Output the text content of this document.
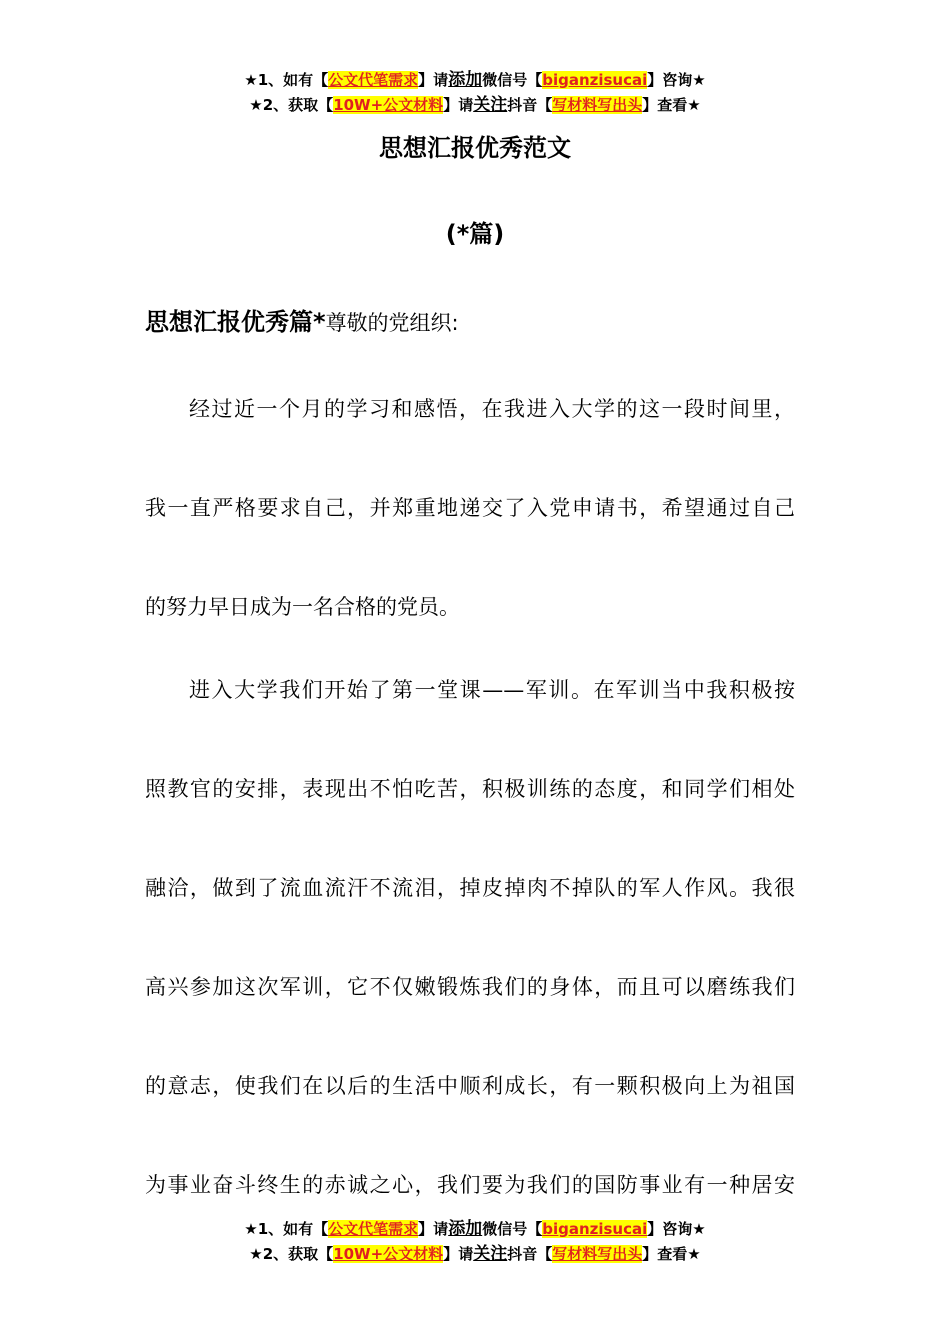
★1、如有【公文代笔需求】请添加微信号【biganzisucai】咨询★
★2、获取【10W+公文材料】请关注抖音【写材料写出头】查看★
思想汇报优秀范文
(*篇)
思想汇报优秀篇*尊敬的党组织:
经过近一个月的学习和感悟，在我进入大学的这一段时间里，
我一直严格要求自己，并郑重地递交了入党申请书，希望通过自己
的努力早日成为一名合格的党员。
进入大学我们开始了第一堂课——军训。在军训当中我积极按
照教官的安排，表现出不怕吃苦，积极训练的态度，和同学们相处
融洽，做到了流血流汗不流泪，掉皮掉肉不掉队的军人作风。我很
高兴参加这次军训，它不仅嫩锻炼我们的身体，而且可以磨练我们
的意志，使我们在以后的生活中顺利成长，有一颗积极向上为祖国
为事业奋斗终生的赤诚之心，我们要为我们的国防事业有一种居安
★1、如有【公文代笔需求】请添加微信号【biganzisucai】咨询★
★2、获取【10W+公文材料】请关注抖音【写材料写出头】查看★
